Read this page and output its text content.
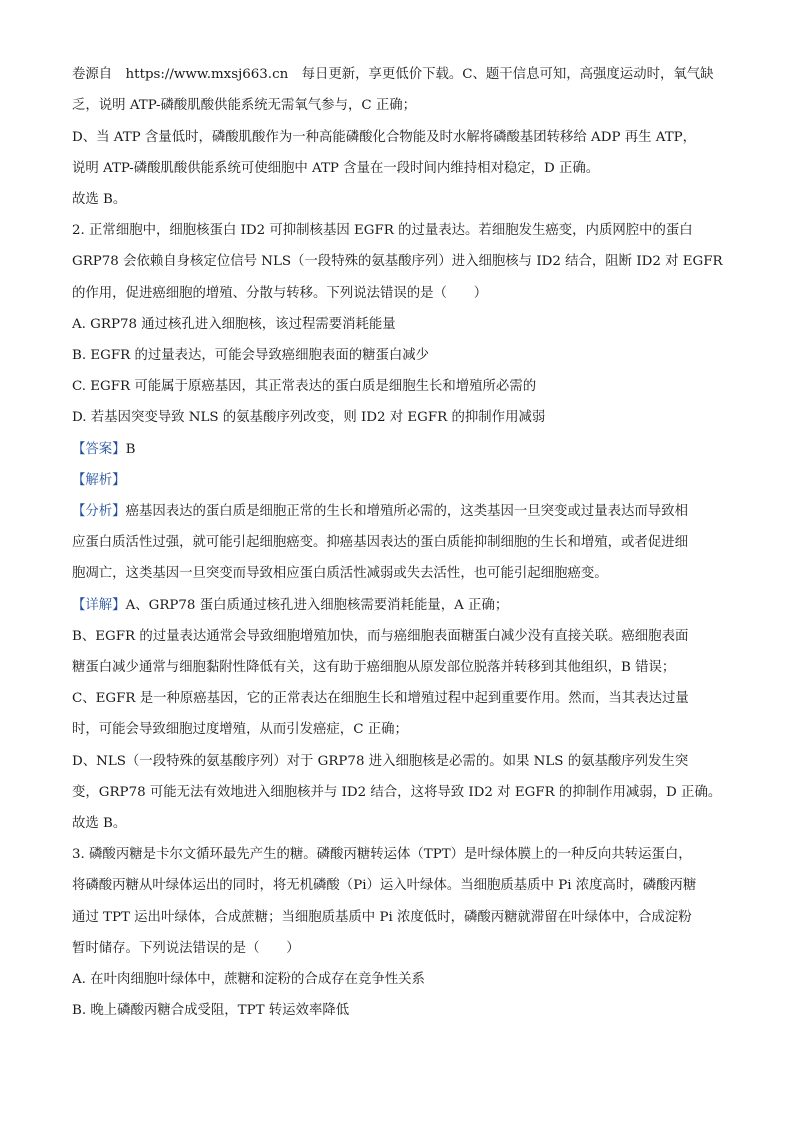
卷源自　https://www.mxsj663.cn　每日更新，享更低价下载。C、题干信息可知，高强度运动时，氧气缺
乏，说明 ATP-磷酸肌酸供能系统无需氧气参与，C 正确；
D、当 ATP 含量低时，磷酸肌酸作为一种高能磷酸化合物能及时水解将磷酸基团转移给 ADP 再生 ATP，
说明 ATP-磷酸肌酸供能系统可使细胞中 ATP 含量在一段时间内维持相对稳定，D 正确。
故选 B。
2. 正常细胞中，细胞核蛋白 ID2 可抑制核基因 EGFR 的过量表达。若细胞发生癌变，内质网腔中的蛋白
GRP78 会依赖自身核定位信号 NLS（一段特殊的氨基酸序列）进入细胞核与 ID2 结合，阻断 ID2 对 EGFR
的作用，促进癌细胞的增殖、分散与转移。下列说法错误的是（　　）
A. GRP78 通过核孔进入细胞核，该过程需要消耗能量
B. EGFR 的过量表达，可能会导致癌细胞表面的糖蛋白减少
C. EGFR 可能属于原癌基因，其正常表达的蛋白质是细胞生长和增殖所必需的
D. 若基因突变导致 NLS 的氨基酸序列改变，则 ID2 对 EGFR 的抑制作用减弱
【答案】B
【解析】
【分析】癌基因表达的蛋白质是细胞正常的生长和增殖所必需的，这类基因一旦突变或过量表达而导致相
应蛋白质活性过强，就可能引起细胞癌变。抑癌基因表达的蛋白质能抑制细胞的生长和增殖，或者促进细
胞凋亡，这类基因一旦突变而导致相应蛋白质活性减弱或失去活性，也可能引起细胞癌变。
【详解】A、GRP78 蛋白质通过核孔进入细胞核需要消耗能量，A 正确；
B、EGFR 的过量表达通常会导致细胞增殖加快，而与癌细胞表面糖蛋白减少没有直接关联。癌细胞表面
糖蛋白减少通常与细胞黏附性降低有关，这有助于癌细胞从原发部位脱落并转移到其他组织，B 错误；
C、EGFR 是一种原癌基因，它的正常表达在细胞生长和增殖过程中起到重要作用。然而，当其表达过量
时，可能会导致细胞过度增殖，从而引发癌症，C 正确；
D、NLS（一段特殊的氨基酸序列）对于 GRP78 进入细胞核是必需的。如果 NLS 的氨基酸序列发生突
变，GRP78 可能无法有效地进入细胞核并与 ID2 结合，这将导致 ID2 对 EGFR 的抑制作用减弱，D 正确。
故选 B。
3. 磷酸丙糖是卡尔文循环最先产生的糖。磷酸丙糖转运体（TPT）是叶绿体膜上的一种反向共转运蛋白，
将磷酸丙糖从叶绿体运出的同时，将无机磷酸（Pi）运入叶绿体。当细胞质基质中 Pi 浓度高时，磷酸丙糖
通过 TPT 运出叶绿体，合成蔗糖；当细胞质基质中 Pi 浓度低时，磷酸丙糖就滞留在叶绿体中，合成淀粉
暂时储存。下列说法错误的是（　　）
A. 在叶肉细胞叶绿体中，蔗糖和淀粉的合成存在竞争性关系
B. 晚上磷酸丙糖合成受阻，TPT 转运效率降低
